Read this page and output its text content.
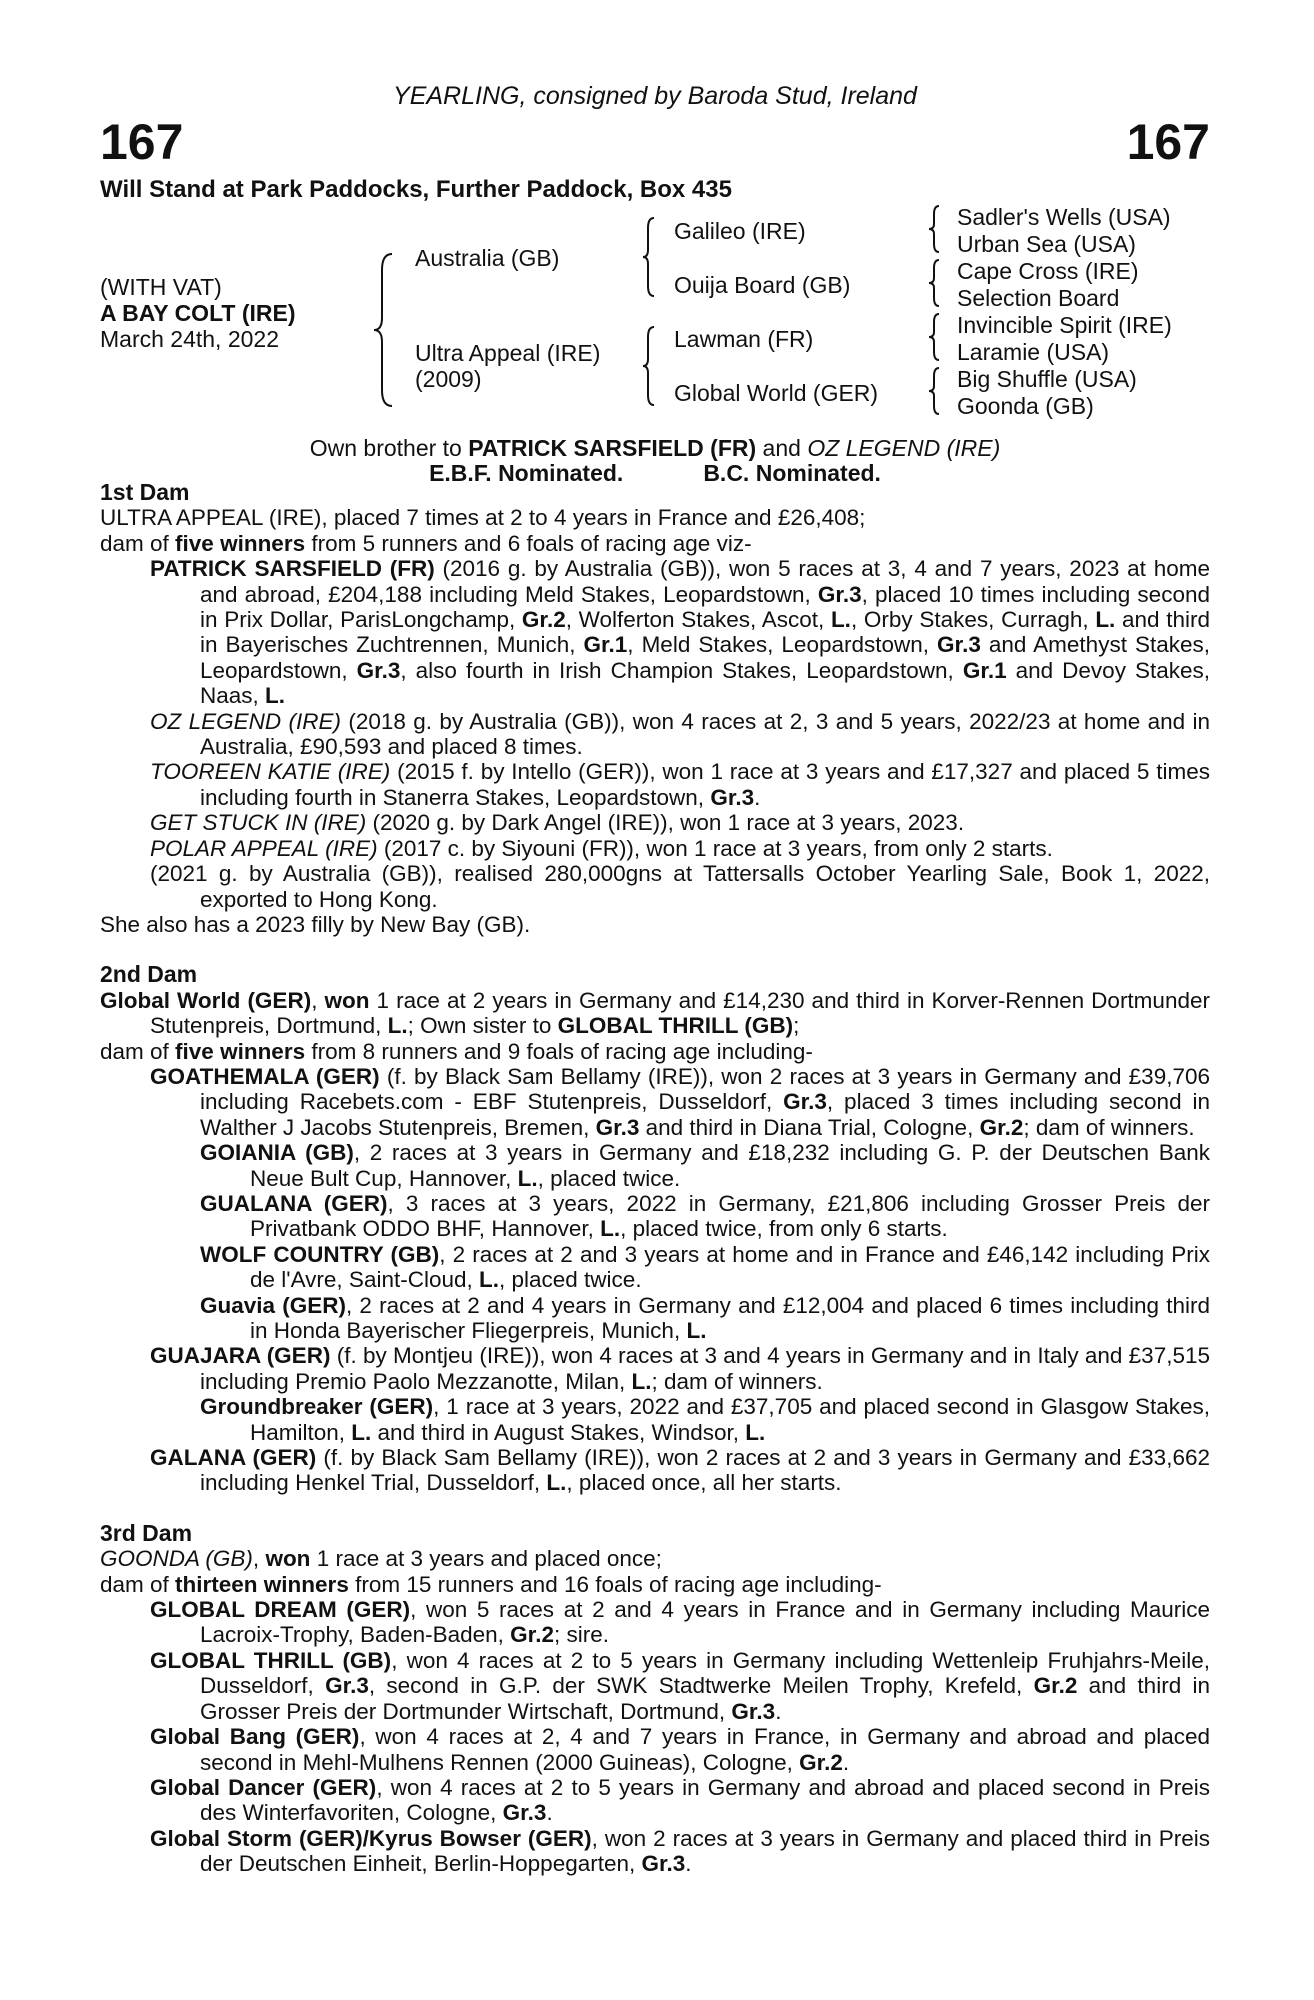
YEARLING, consigned by Baroda Stud, Ireland
167	167
Will Stand at Park Paddocks, Further Paddock, Box 435
(WITH VAT)
A BAY COLT (IRE)
March 24th, 2022
Australia (GB)
Ultra Appeal (IRE)
(2009)
Galileo (IRE)
Ouija Board (GB)
Lawman (FR)
Global World (GER)
Sadler's Wells (USA)
Urban Sea (USA)
Cape Cross (IRE)
Selection Board
Invincible Spirit (IRE)
Laramie (USA)
Big Shuffle (USA)
Goonda (GB)
Own brother to PATRICK SARSFIELD (FR) and OZ LEGEND (IRE)
E.B.F. Nominated.	B.C. Nominated.

1st Dam

ULTRA APPEAL (IRE), placed 7 times at 2 to 4 years in France and £26,408;

dam of five winners from 5 runners and 6 foals of racing age viz-

PATRICK SARSFIELD (FR) (2016 g. by Australia (GB)), won 5 races at 3, 4 and 7 years, 2023 at home and abroad, £204,188 including Meld Stakes, Leopardstown, Gr.3, placed 10 times including second in Prix Dollar, ParisLongchamp, Gr.2, Wolferton Stakes, Ascot, L., Orby Stakes, Curragh, L. and third in Bayerisches Zuchtrennen, Munich, Gr.1, Meld Stakes, Leopardstown, Gr.3 and Amethyst Stakes, Leopardstown, Gr.3, also fourth in Irish Champion Stakes, Leopardstown, Gr.1 and Devoy Stakes, Naas, L.

OZ LEGEND (IRE) (2018 g. by Australia (GB)), won 4 races at 2, 3 and 5 years, 2022/23 at home and in Australia, £90,593 and placed 8 times.

TOOREEN KATIE (IRE) (2015 f. by Intello (GER)), won 1 race at 3 years and £17,327 and placed 5 times including fourth in Stanerra Stakes, Leopardstown, Gr.3.

GET STUCK IN (IRE) (2020 g. by Dark Angel (IRE)), won 1 race at 3 years, 2023.

POLAR APPEAL (IRE) (2017 c. by Siyouni (FR)), won 1 race at 3 years, from only 2 starts.

(2021 g. by Australia (GB)), realised 280,000gns at Tattersalls October Yearling Sale, Book 1, 2022, exported to Hong Kong.

She also has a 2023 filly by New Bay (GB).

2nd Dam

Global World (GER), won 1 race at 2 years in Germany and £14,230 and third in Korver-Rennen Dortmunder Stutenpreis, Dortmund, L.; Own sister to GLOBAL THRILL (GB);

dam of five winners from 8 runners and 9 foals of racing age including-

GOATHEMALA (GER) (f. by Black Sam Bellamy (IRE)), won 2 races at 3 years in Germany and £39,706 including Racebets.com - EBF Stutenpreis, Dusseldorf, Gr.3, placed 3 times including second in Walther J Jacobs Stutenpreis, Bremen, Gr.3 and third in Diana Trial, Cologne, Gr.2; dam of winners.

GOIANIA (GB), 2 races at 3 years in Germany and £18,232 including G. P. der Deutschen Bank Neue Bult Cup, Hannover, L., placed twice.

GUALANA (GER), 3 races at 3 years, 2022 in Germany, £21,806 including Grosser Preis der Privatbank ODDO BHF, Hannover, L., placed twice, from only 6 starts.

WOLF COUNTRY (GB), 2 races at 2 and 3 years at home and in France and £46,142 including Prix de l'Avre, Saint-Cloud, L., placed twice.

Guavia (GER), 2 races at 2 and 4 years in Germany and £12,004 and placed 6 times including third in Honda Bayerischer Fliegerpreis, Munich, L.

GUAJARA (GER) (f. by Montjeu (IRE)), won 4 races at 3 and 4 years in Germany and in Italy and £37,515 including Premio Paolo Mezzanotte, Milan, L.; dam of winners.

Groundbreaker (GER), 1 race at 3 years, 2022 and £37,705 and placed second in Glasgow Stakes, Hamilton, L. and third in August Stakes, Windsor, L.

GALANA (GER) (f. by Black Sam Bellamy (IRE)), won 2 races at 2 and 3 years in Germany and £33,662 including Henkel Trial, Dusseldorf, L., placed once, all her starts.

3rd Dam

GOONDA (GB), won 1 race at 3 years and placed once;

dam of thirteen winners from 15 runners and 16 foals of racing age including-

GLOBAL DREAM (GER), won 5 races at 2 and 4 years in France and in Germany including Maurice Lacroix-Trophy, Baden-Baden, Gr.2; sire.

GLOBAL THRILL (GB), won 4 races at 2 to 5 years in Germany including Wettenleip Fruhjahrs-Meile, Dusseldorf, Gr.3, second in G.P. der SWK Stadtwerke Meilen Trophy, Krefeld, Gr.2 and third in Grosser Preis der Dortmunder Wirtschaft, Dortmund, Gr.3.

Global Bang (GER), won 4 races at 2, 4 and 7 years in France, in Germany and abroad and placed second in Mehl-Mulhens Rennen (2000 Guineas), Cologne, Gr.2.

Global Dancer (GER), won 4 races at 2 to 5 years in Germany and abroad and placed second in Preis des Winterfavoriten, Cologne, Gr.3.

Global Storm (GER)/Kyrus Bowser (GER), won 2 races at 3 years in Germany and placed third in Preis der Deutschen Einheit, Berlin-Hoppegarten, Gr.3.
